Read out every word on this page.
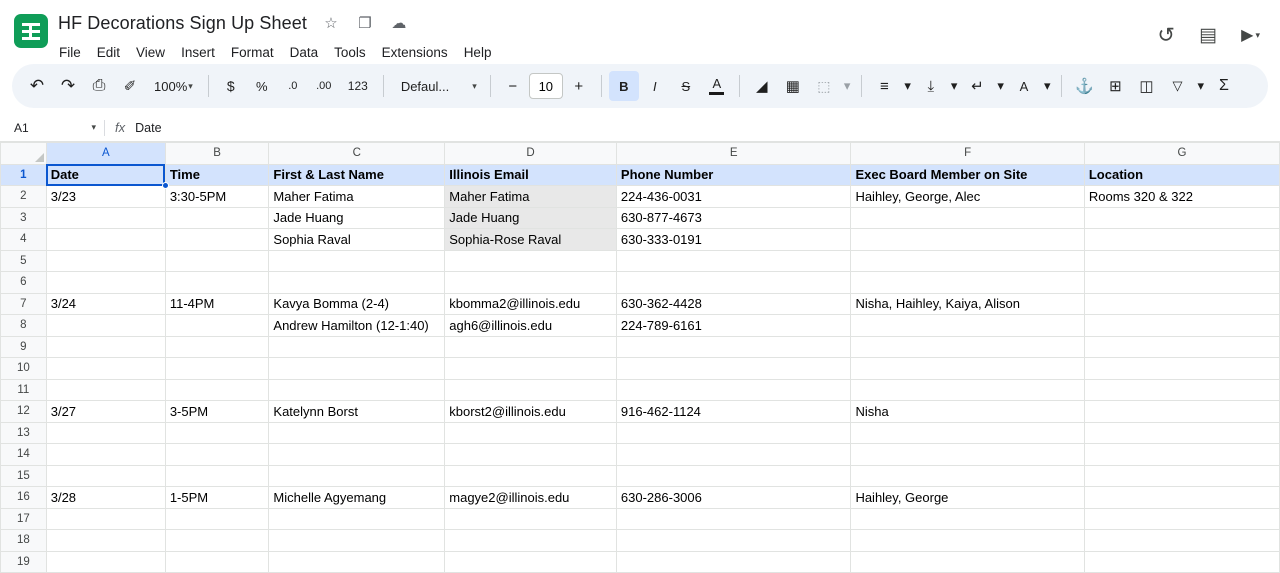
HF Decorations Sign Up Sheet ☆ ❐ ☁
File	Edit	View	Insert	Format	Data	Tools	Extensions	Help
↺	▤	▶ ▾
↶ ↷	⎙	✐	100% ▾	$	%	.0	.00	123	Defaul...	▾	−	10	+	B	I	S	A	◢	▦	⬚	▾	≡	▾	⤓	▾ ↵	▾	A	▾	⚓	⊞	◫	▽	▾ Σ
A1	▾	fx Date
	A	B	C	D	E	F	G
1	Date	Time	First & Last Name	Illinois Email	Phone Number	Exec Board Member on Site	Location
2	3/23	3:30-5PM	Maher Fatima	Maher Fatima	224-436-0031	Haihley, George, Alec	Rooms 320 & 322
3			Jade Huang	Jade Huang	630-877-4673		
4			Sophia Raval	Sophia-Rose Raval	630-333-0191		
5							
6							
7	3/24	11-4PM	Kavya Bomma (2-4)	kbomma2@illinois.edu	630-362-4428	Nisha, Haihley, Kaiya, Alison	
8			Andrew Hamilton (12-1:40)	agh6@illinois.edu	224-789-6161		
9							
10							
11							
12	3/27	3-5PM	Katelynn Borst	kborst2@illinois.edu	916-462-1124	Nisha	
13							
14							
15							
16	3/28	1-5PM	Michelle Agyemang	magye2@illinois.edu	630-286-3006	Haihley, George	
17							
18							
19							
